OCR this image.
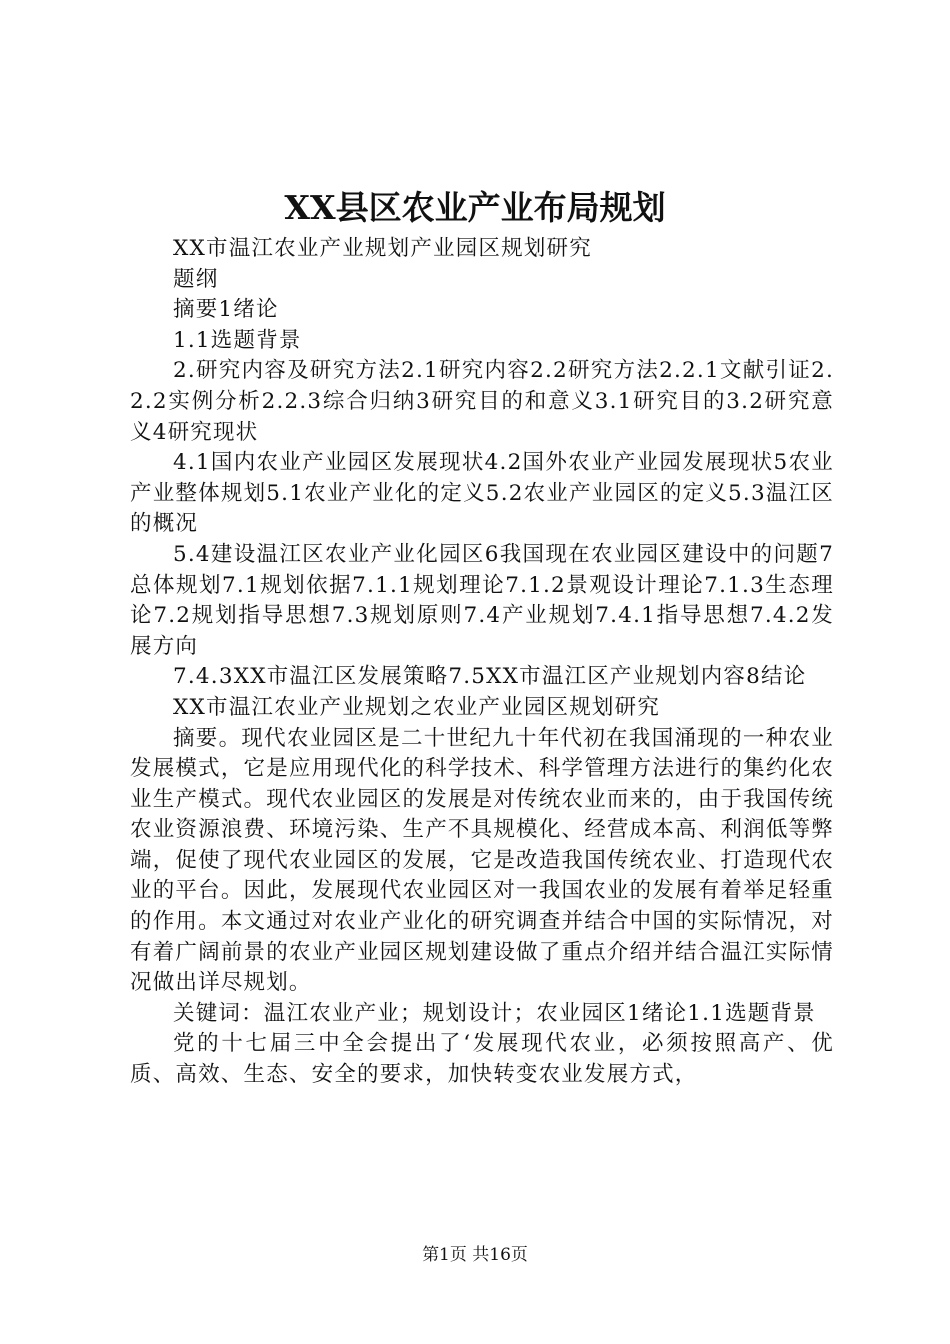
XX县区农业产业布局规划

XX市温江农业产业规划产业园区规划研究

题纲

摘要1绪论

1.1选题背景

2.研究内容及研究方法2.1研究内容2.2研究方法2.2.1文献引证2.2.2实例分析2.2.3综合归纳3研究目的和意义3.1研究目的3.2研究意义4研究现状

4.1国内农业产业园区发展现状4.2国外农业产业园发展现状5农业产业整体规划5.1农业产业化的定义5.2农业产业园区的定义5.3温江区的概况

5.4建设温江区农业产业化园区6我国现在农业园区建设中的问题7总体规划7.1规划依据7.1.1规划理论7.1.2景观设计理论7.1.3生态理论7.2规划指导思想7.3规划原则7.4产业规划7.4.1指导思想7.4.2发展方向

7.4.3XX市温江区发展策略7.5XX市温江区产业规划内容8结论

XX市温江农业产业规划之农业产业园区规划研究

摘要。现代农业园区是二十世纪九十年代初在我国涌现的一种农业发展模式，它是应用现代化的科学技术、科学管理方法进行的集约化农业生产模式。现代农业园区的发展是对传统农业而来的，由于我国传统农业资源浪费、环境污染、生产不具规模化、经营成本高、利润低等弊端，促使了现代农业园区的发展，它是改造我国传统农业、打造现代农业的平台。因此，发展现代农业园区对一我国农业的发展有着举足轻重的作用。本文通过对农业产业化的研究调查并结合中国的实际情况，对有着广阔前景的农业产业园区规划建设做了重点介绍并结合温江实际情况做出详尽规划。

关键词：温江农业产业；规划设计；农业园区1绪论1.1选题背景

党的十七届三中全会提出了‘发展现代农业，必须按照高产、优质、高效、生态、安全的要求，加快转变农业发展方式，

第1页 共16页
